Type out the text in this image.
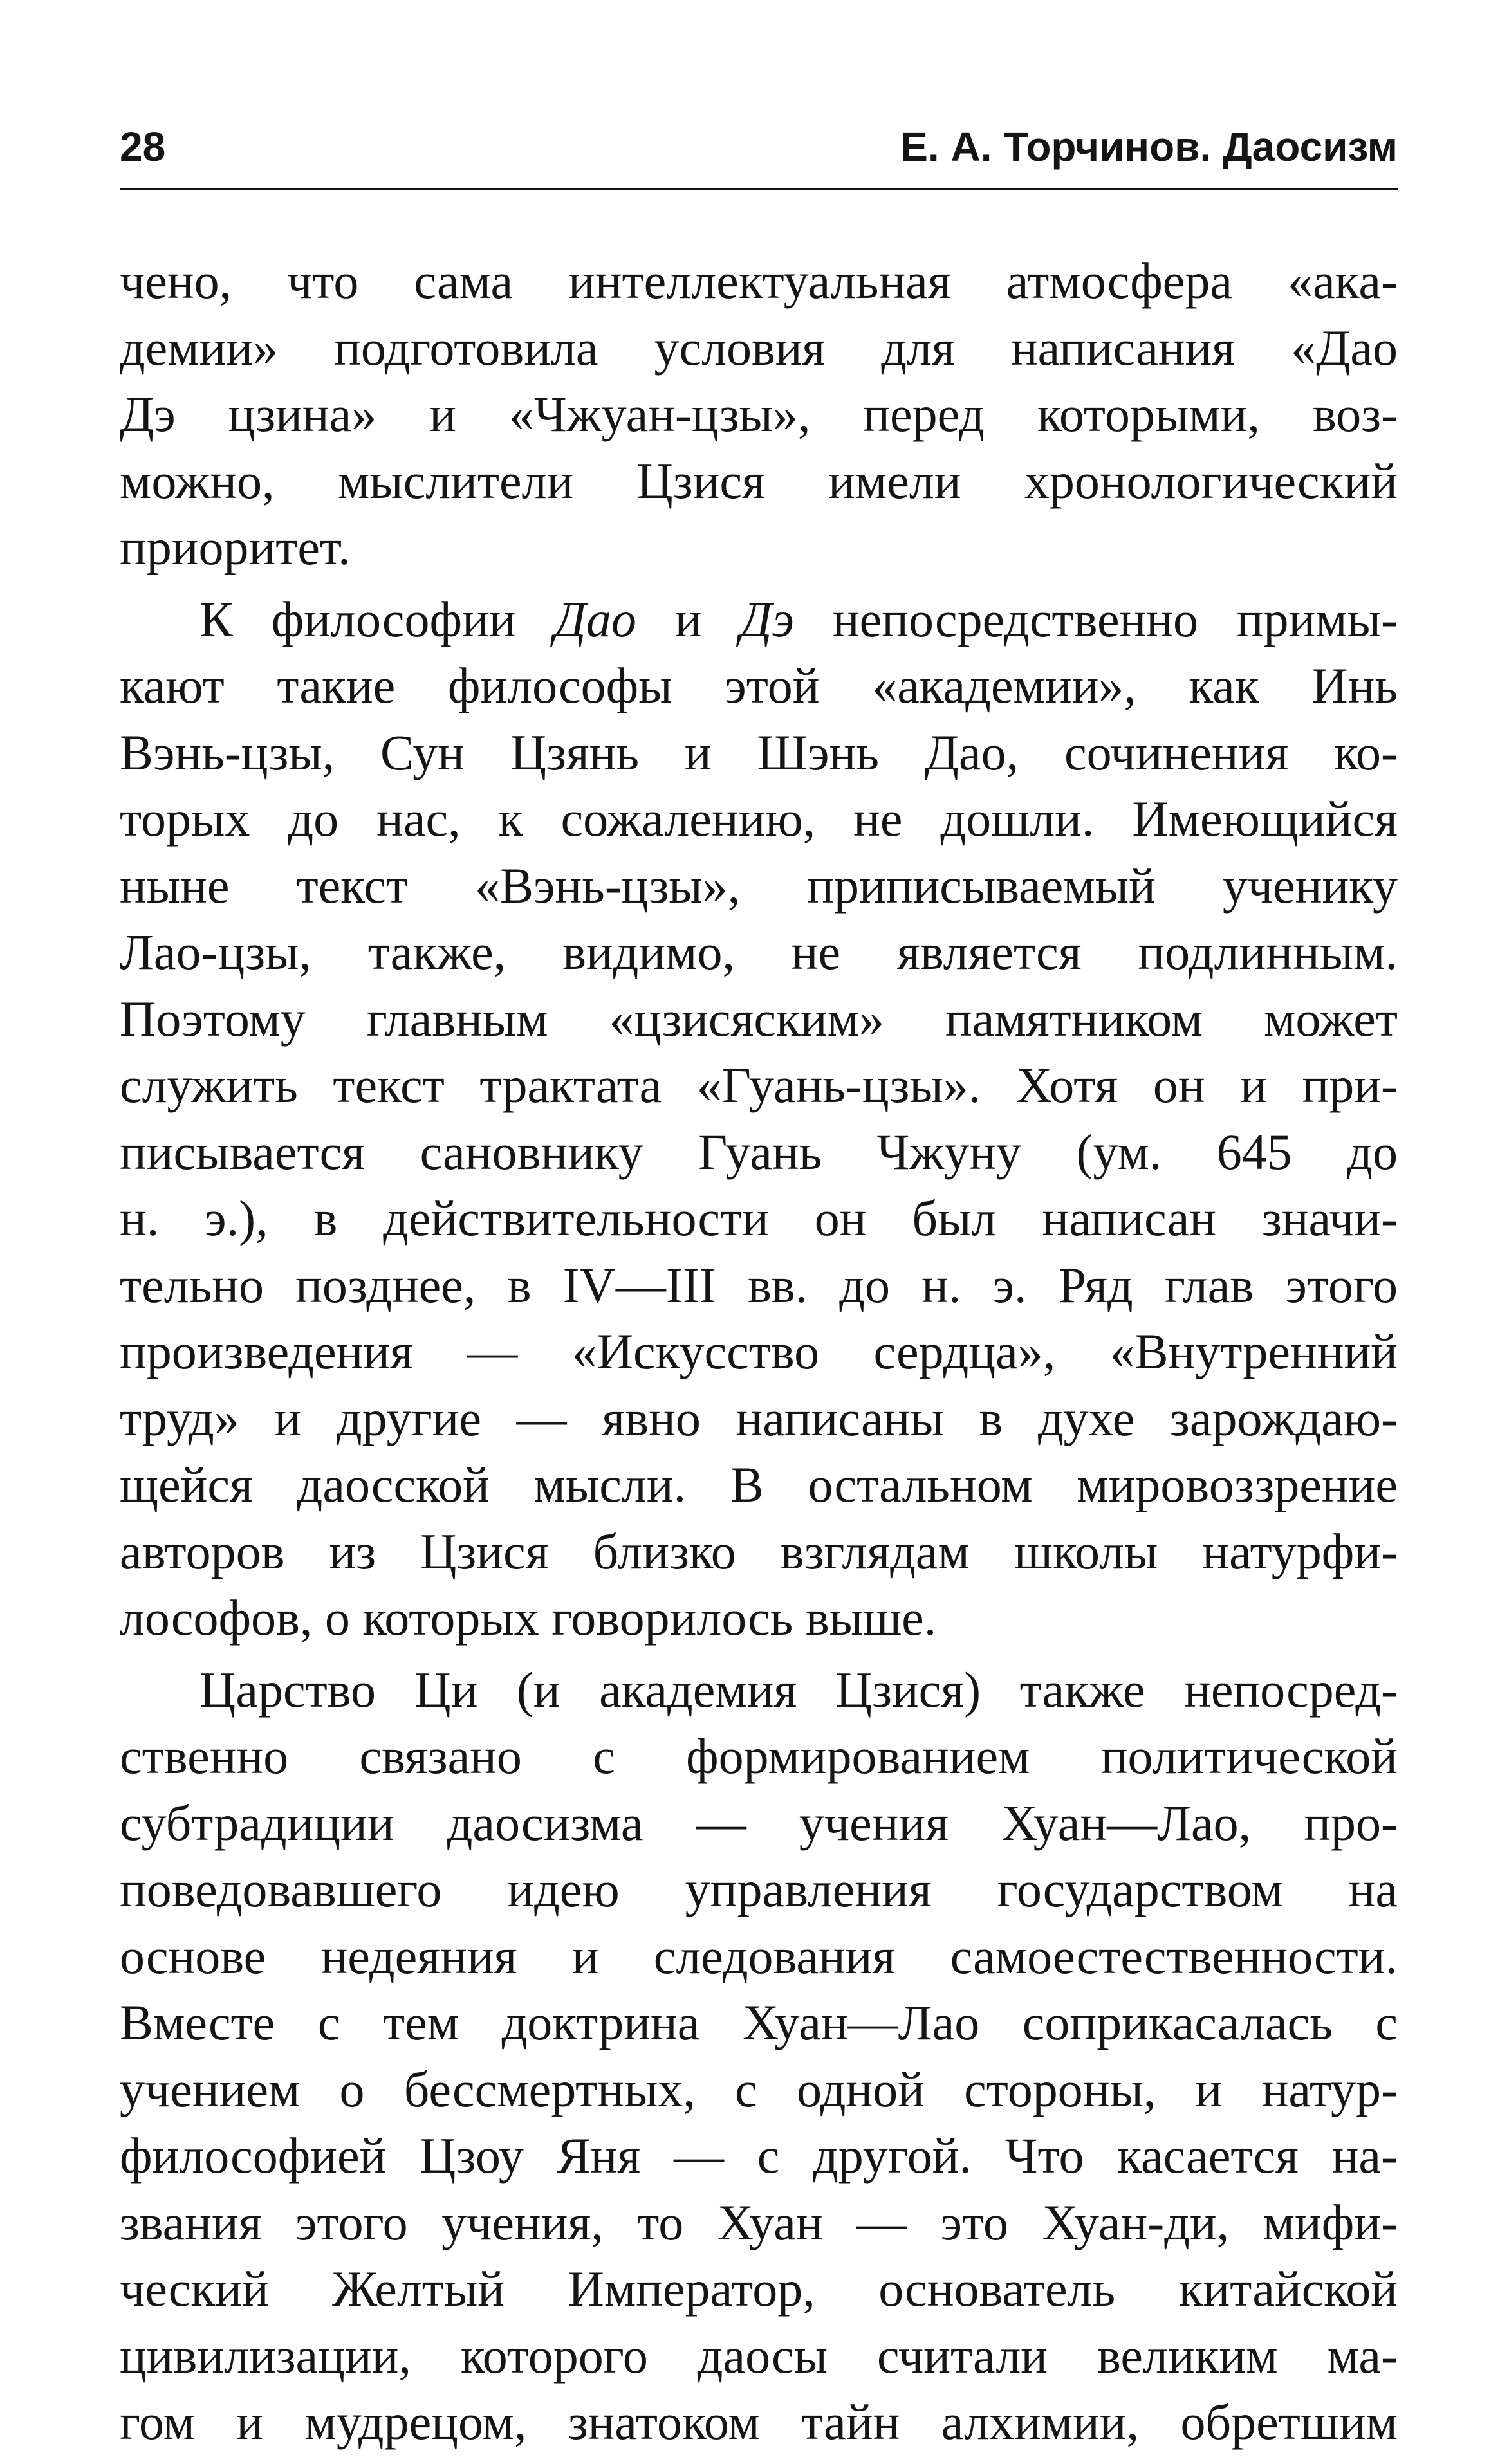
28	Е. А. Торчинов. Даосизм
чено, что сама интеллектуальная атмосфера «ака-
демии» подготовила условия для написания «Дао
Дэ цзина» и «Чжуан-цзы», перед которыми, воз-
можно, мыслители Цзися имели хронологический
приоритет.
К философии Дао и Дэ непосредственно примы-
кают такие философы этой «академии», как Инь
Вэнь-цзы, Сун Цзянь и Шэнь Дао, сочинения ко-
торых до нас, к сожалению, не дошли. Имеющийся
ныне текст «Вэнь-цзы», приписываемый ученику
Лао-цзы, также, видимо, не является подлинным.
Поэтому главным «цзисяским» памятником может
служить текст трактата «Гуань-цзы». Хотя он и при-
писывается сановнику Гуань Чжуну (ум. 645 до
н. э.), в действительности он был написан значи-
тельно позднее, в IV—III вв. до н. э. Ряд глав этого
произведения — «Искусство сердца», «Внутренний
труд» и другие — явно написаны в духе зарождаю-
щейся даосской мысли. В остальном мировоззрение
авторов из Цзися близко взглядам школы натурфи-
лософов, о которых говорилось выше.
Царство Ци (и академия Цзися) также непосред-
ственно связано с формированием политической
субтрадиции даосизма — учения Хуан—Лао, про-
поведовавшего идею управления государством на
основе недеяния и следования самоестественности.
Вместе с тем доктрина Хуан—Лао соприкасалась с
учением о бессмертных, с одной стороны, и натур-
философией Цзоу Яня — с другой. Что касается на-
звания этого учения, то Хуан — это Хуан-ди, мифи-
ческий Желтый Император, основатель китайской
цивилизации, которого даосы считали великим ма-
гом и мудрецом, знатоком тайн алхимии, обретшим
